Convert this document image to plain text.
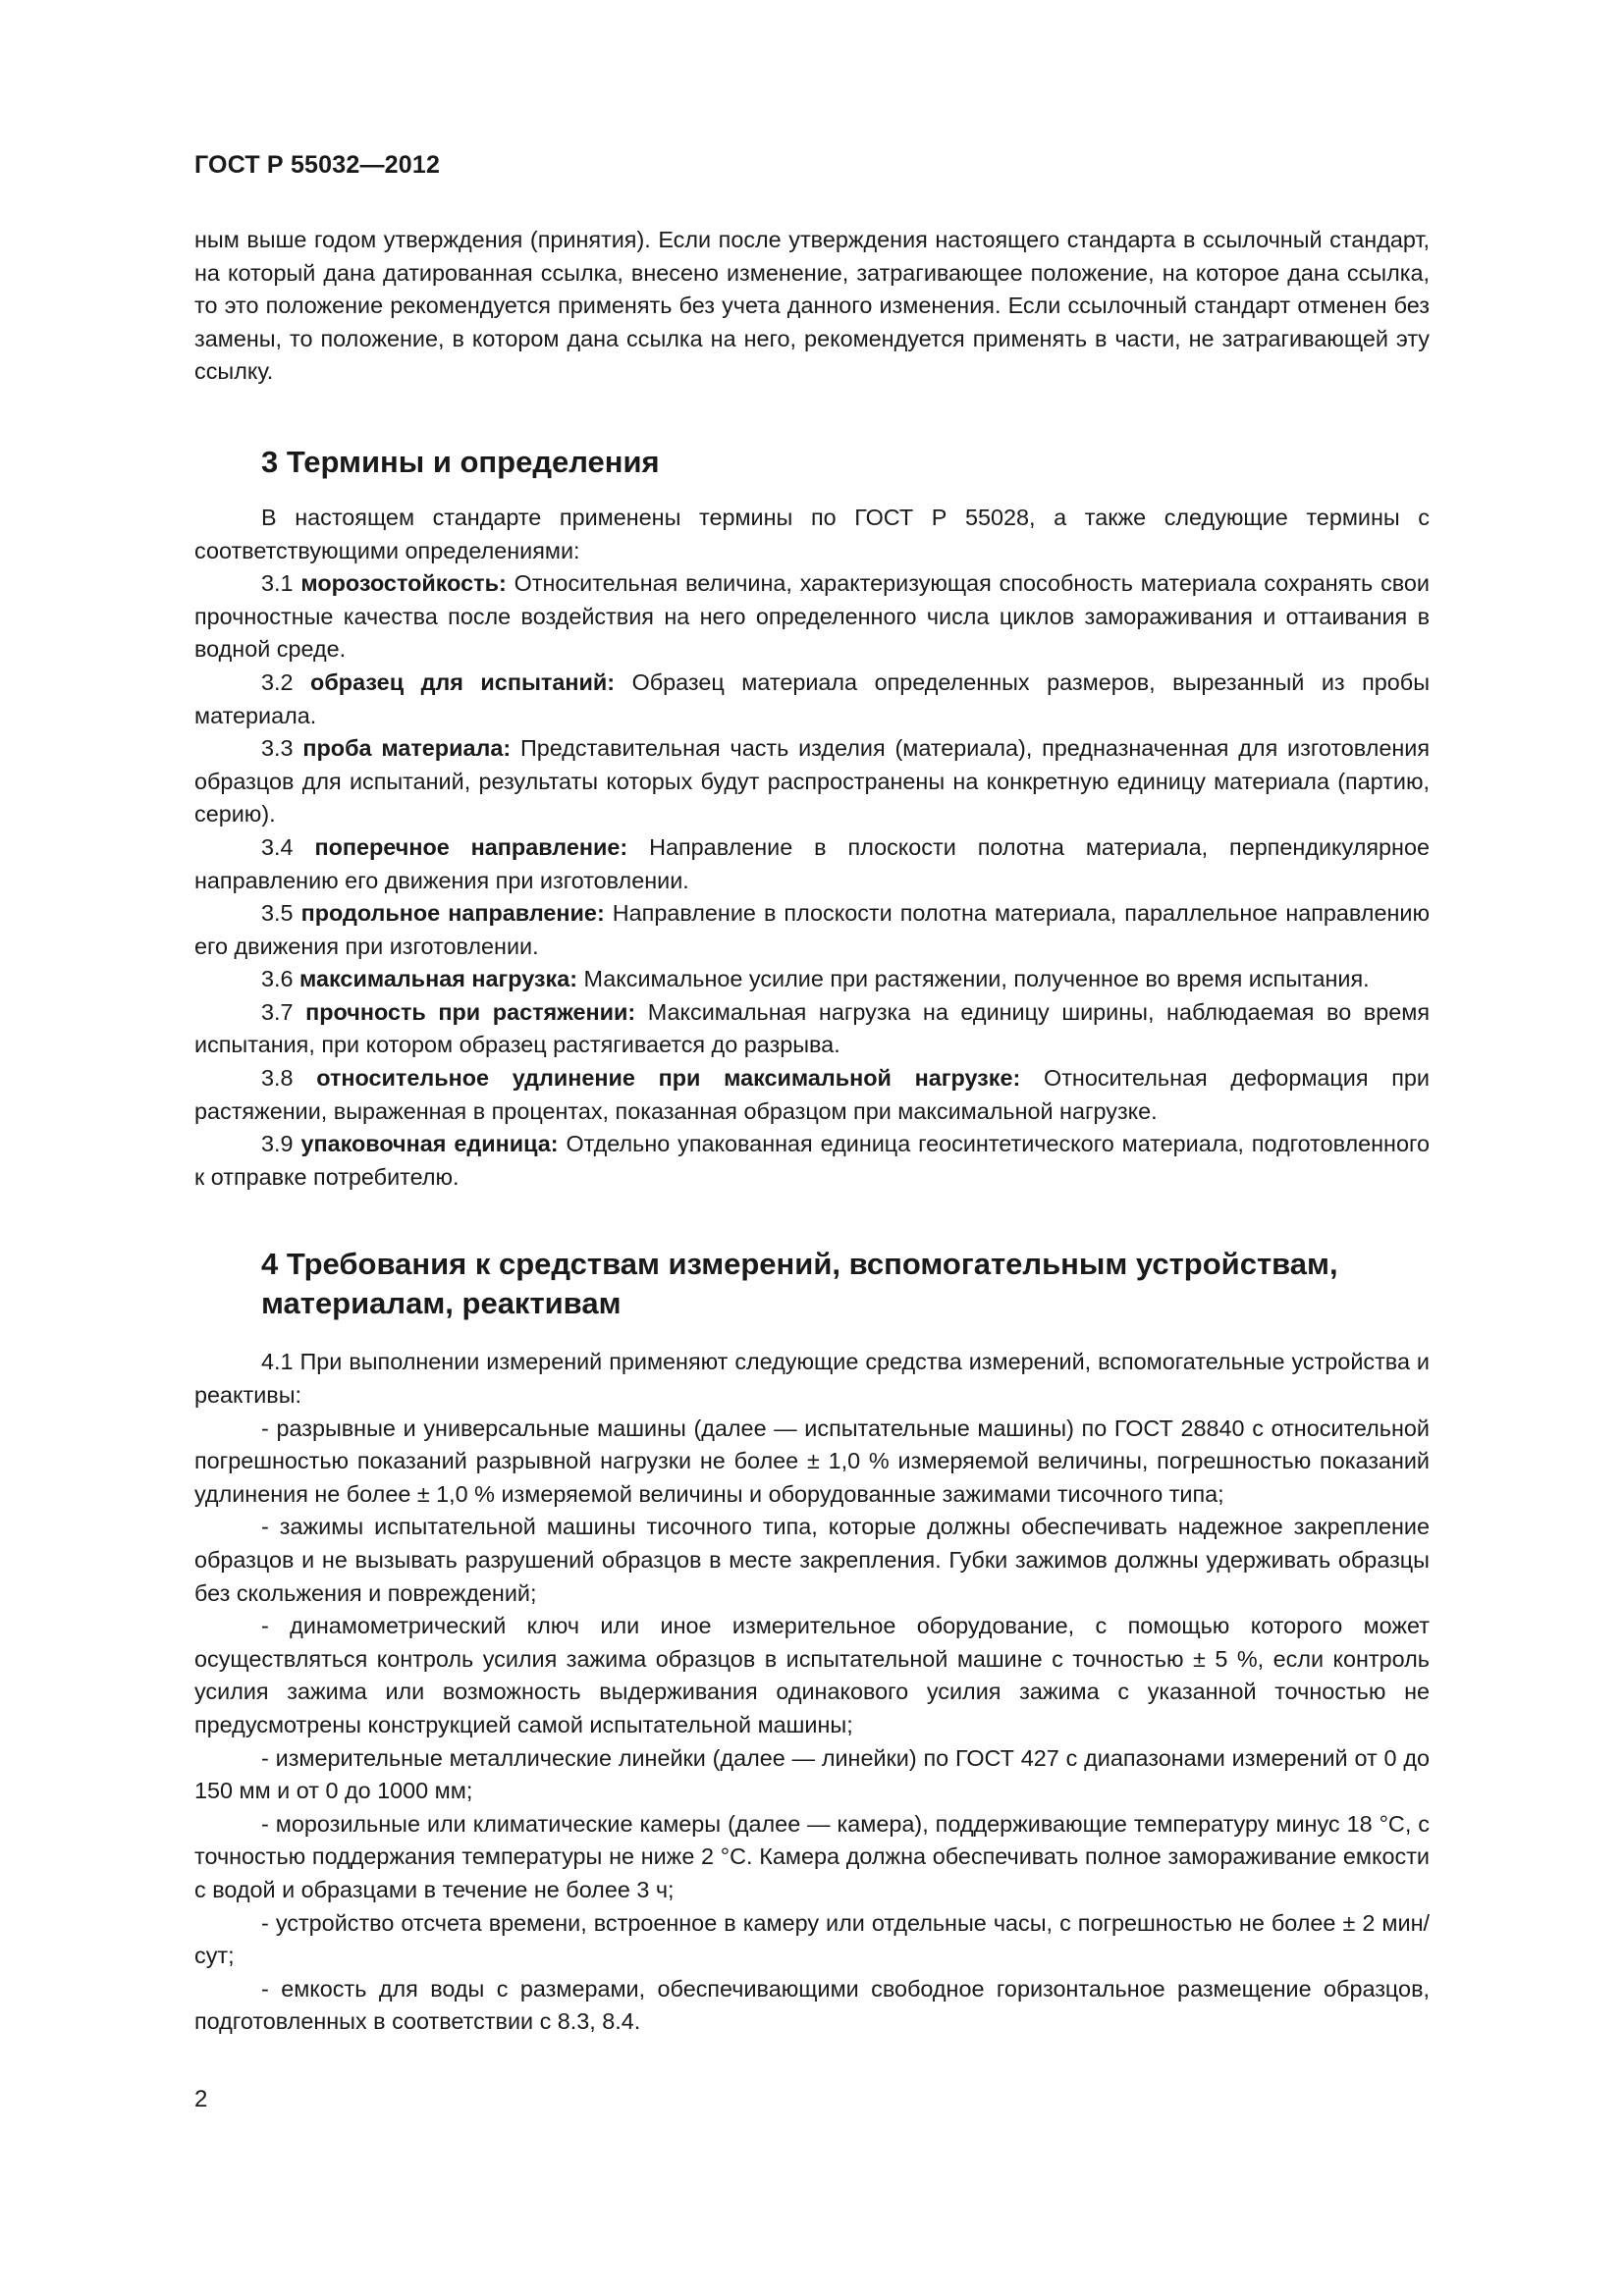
ГОСТ Р 55032—2012

ным выше годом утверждения (принятия). Если после утверждения настоящего стандарта в ссылочный стандарт, на который дана датированная ссылка, внесено изменение, затрагивающее положение, на которое дана ссылка, то это положение рекомендуется применять без учета данного изменения. Если ссылочный стандарт отменен без замены, то положение, в котором дана ссылка на него, рекомендуется применять в части, не затрагивающей эту ссылку.

3 Термины и определения

В настоящем стандарте применены термины по ГОСТ Р 55028, а также следующие термины с соответствующими определениями:

3.1 морозостойкость: Относительная величина, характеризующая способность материала сохранять свои прочностные качества после воздействия на него определенного числа циклов замораживания и оттаивания в водной среде.

3.2 образец для испытаний: Образец материала определенных размеров, вырезанный из пробы материала.

3.3 проба материала: Представительная часть изделия (материала), предназначенная для изготовления образцов для испытаний, результаты которых будут распространены на конкретную единицу материала (партию, серию).

3.4 поперечное направление: Направление в плоскости полотна материала, перпендикулярное направлению его движения при изготовлении.

3.5 продольное направление: Направление в плоскости полотна материала, параллельное направлению его движения при изготовлении.

3.6 максимальная нагрузка: Максимальное усилие при растяжении, полученное во время испытания.

3.7 прочность при растяжении: Максимальная нагрузка на единицу ширины, наблюдаемая во время испытания, при котором образец растягивается до разрыва.

3.8 относительное удлинение при максимальной нагрузке: Относительная деформация при растяжении, выраженная в процентах, показанная образцом при максимальной нагрузке.

3.9 упаковочная единица: Отдельно упакованная единица геосинтетического материала, подготовленного к отправке потребителю.

4 Требования к средствам измерений, вспомогательным устройствам, материалам, реактивам

4.1 При выполнении измерений применяют следующие средства измерений, вспомогательные устройства и реактивы:

- разрывные и универсальные машины (далее — испытательные машины) по ГОСТ 28840 с относительной погрешностью показаний разрывной нагрузки не более ± 1,0 % измеряемой величины, погрешностью показаний удлинения не более ± 1,0 % измеряемой величины и оборудованные зажимами тисочного типа;

- зажимы испытательной машины тисочного типа, которые должны обеспечивать надежное закрепление образцов и не вызывать разрушений образцов в месте закрепления. Губки зажимов должны удерживать образцы без скольжения и повреждений;

- динамометрический ключ или иное измерительное оборудование, с помощью которого может осуществляться контроль усилия зажима образцов в испытательной машине с точностью ± 5 %, если контроль усилия зажима или возможность выдерживания одинакового усилия зажима с указанной точностью не предусмотрены конструкцией самой испытательной машины;

- измерительные металлические линейки (далее — линейки) по ГОСТ 427 с диапазонами измерений от 0 до 150 мм и от 0 до 1000 мм;

- морозильные или климатические камеры (далее — камера), поддерживающие температуру минус 18 °C, с точностью поддержания температуры не ниже 2 °C. Камера должна обеспечивать полное замораживание емкости с водой и образцами в течение не более 3 ч;

- устройство отсчета времени, встроенное в камеру или отдельные часы, с погрешностью не более ± 2 мин/сут;

- емкость для воды с размерами, обеспечивающими свободное горизонтальное размещение образцов, подготовленных в соответствии с 8.3, 8.4.

2
